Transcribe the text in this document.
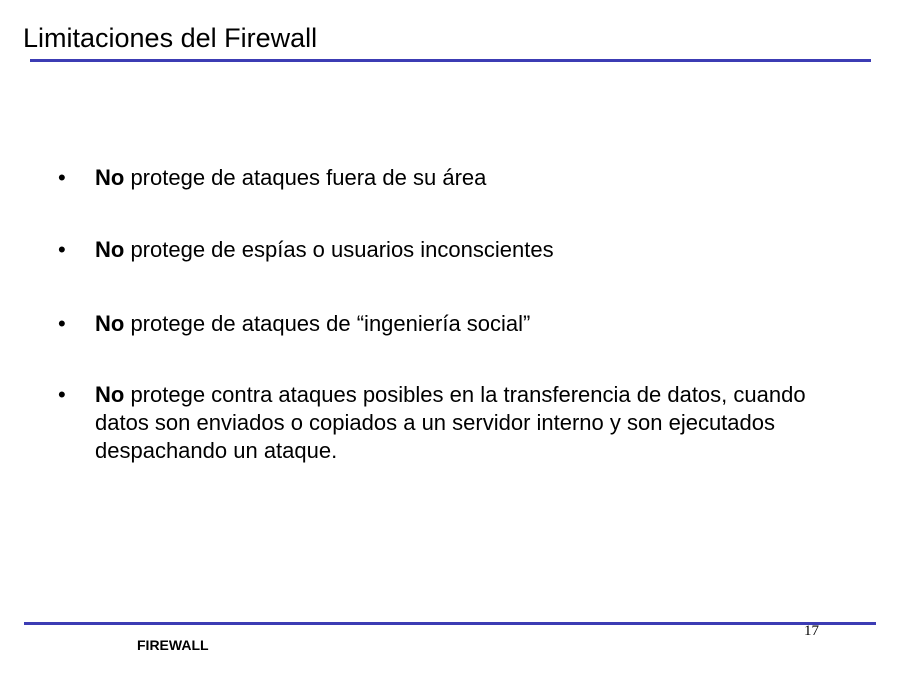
Limitaciones del Firewall
•	No protege de ataques fuera de su área
•	No protege de espías o usuarios inconscientes
•	No protege de ataques de “ingeniería social”
•	No protege contra ataques posibles en la transferencia de datos, cuando datos son enviados o copiados a un servidor interno y son ejecutados despachando un ataque.
17
FIREWALL
